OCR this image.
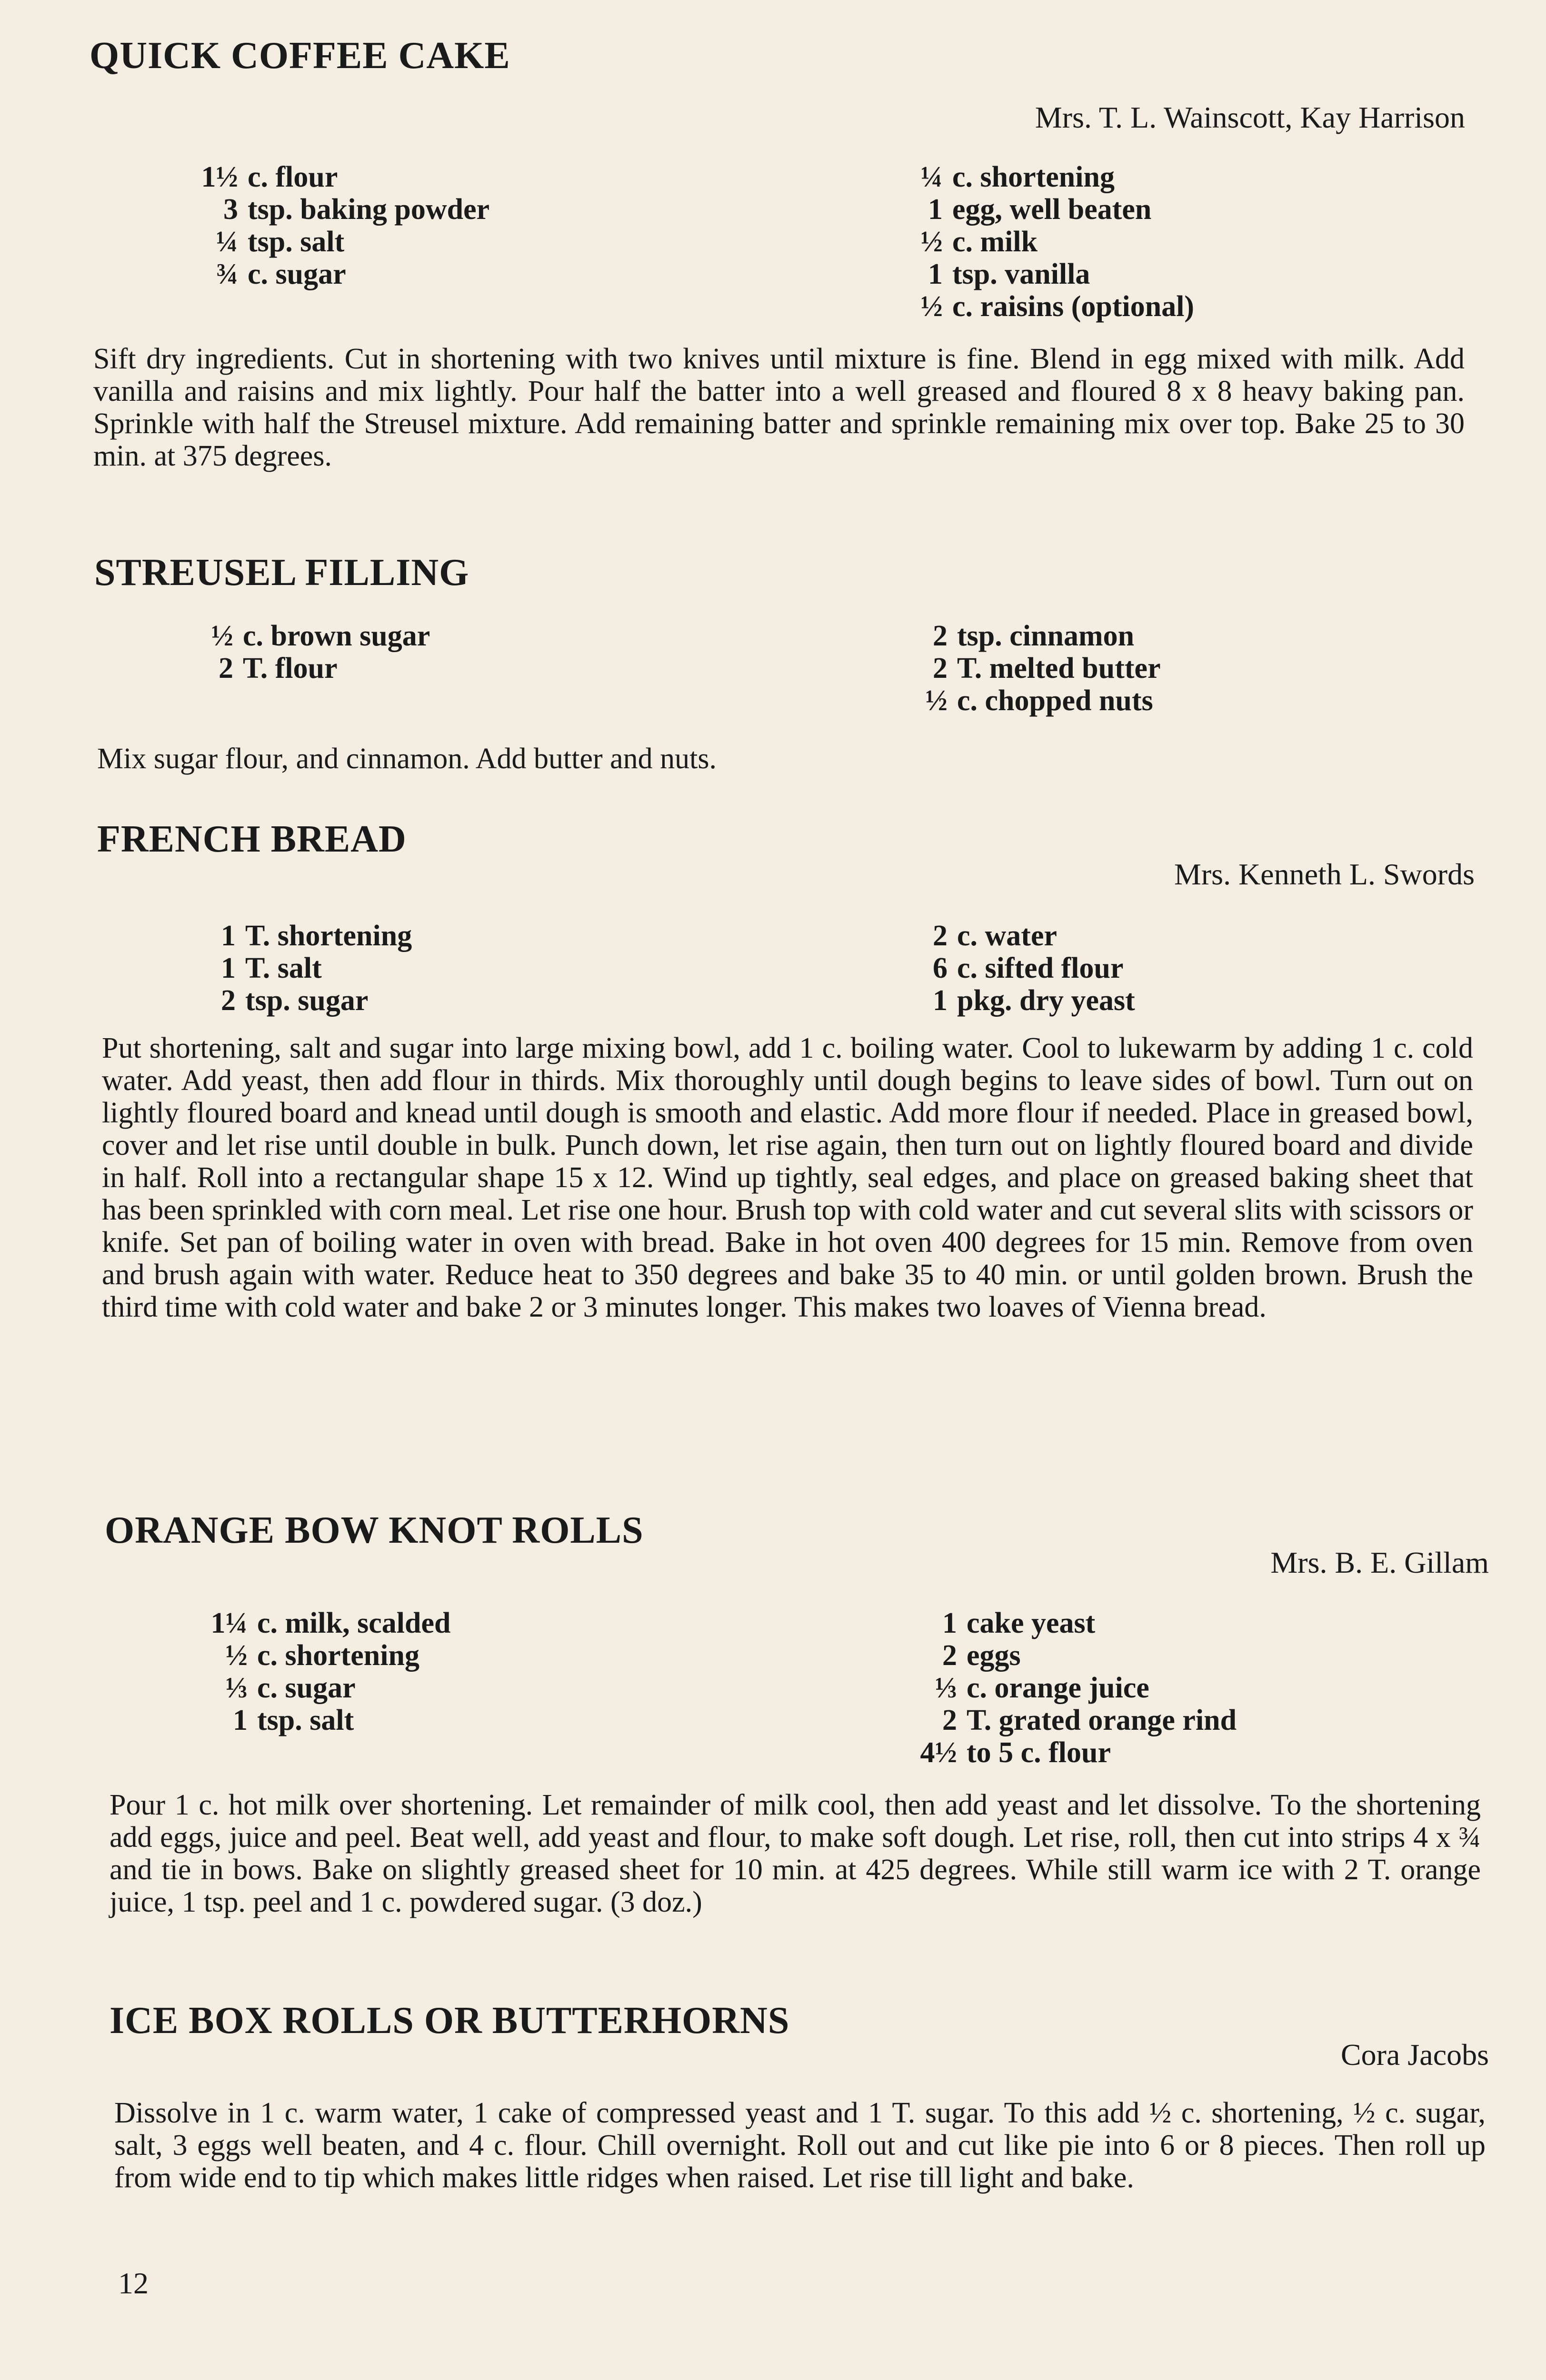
QUICK COFFEE CAKE
Mrs. T. L. Wainscott, Kay Harrison
1½ c. flour
3 tsp. baking powder
¼ tsp. salt
¾ c. sugar
¼ c. shortening
1 egg, well beaten
½ c. milk
1 tsp. vanilla
½ c. raisins (optional)

Sift dry ingredients. Cut in shortening with two knives until mixture is fine. Blend in egg mixed with milk. Add vanilla and raisins and mix lightly. Pour half the batter into a well greased and floured 8 x 8 heavy baking pan. Sprinkle with half the Streusel mixture. Add remaining batter and sprinkle remaining mix over top. Bake 25 to 30 min. at 375 degrees.

STREUSEL FILLING
½ c. brown sugar
2 T. flour
2 tsp. cinnamon
2 T. melted butter
½ c. chopped nuts

Mix sugar flour, and cinnamon. Add butter and nuts.

FRENCH BREAD
Mrs. Kenneth L. Swords
1 T. shortening
1 T. salt
2 tsp. sugar
2 c. water
6 c. sifted flour
1 pkg. dry yeast

Put shortening, salt and sugar into large mixing bowl, add 1 c. boiling water. Cool to lukewarm by adding 1 c. cold water. Add yeast, then add flour in thirds. Mix thoroughly until dough begins to leave sides of bowl. Turn out on lightly floured board and knead until dough is smooth and elastic. Add more flour if needed. Place in greased bowl, cover and let rise until double in bulk. Punch down, let rise again, then turn out on lightly floured board and divide in half. Roll into a rectangular shape 15 x 12. Wind up tightly, seal edges, and place on greased baking sheet that has been sprinkled with corn meal. Let rise one hour. Brush top with cold water and cut several slits with scissors or knife. Set pan of boiling water in oven with bread. Bake in hot oven 400 degrees for 15 min. Remove from oven and brush again with water. Reduce heat to 350 degrees and bake 35 to 40 min. or until golden brown. Brush the third time with cold water and bake 2 or 3 minutes longer. This makes two loaves of Vienna bread.

ORANGE BOW KNOT ROLLS
Mrs. B. E. Gillam
1¼ c. milk, scalded
½ c. shortening
⅓ c. sugar
1 tsp. salt
1 cake yeast
2 eggs
⅓ c. orange juice
2 T. grated orange rind
4½ to 5 c. flour

Pour 1 c. hot milk over shortening. Let remainder of milk cool, then add yeast and let dissolve. To the shortening add eggs, juice and peel. Beat well, add yeast and flour, to make soft dough. Let rise, roll, then cut into strips 4 x ¾ and tie in bows. Bake on slightly greased sheet for 10 min. at 425 degrees. While still warm ice with 2 T. orange juice, 1 tsp. peel and 1 c. powdered sugar. (3 doz.)

ICE BOX ROLLS OR BUTTERHORNS
Cora Jacobs

Dissolve in 1 c. warm water, 1 cake of compressed yeast and 1 T. sugar. To this add ½ c. shortening, ½ c. sugar, salt, 3 eggs well beaten, and 4 c. flour. Chill overnight. Roll out and cut like pie into 6 or 8 pieces. Then roll up from wide end to tip which makes little ridges when raised. Let rise till light and bake.

12
